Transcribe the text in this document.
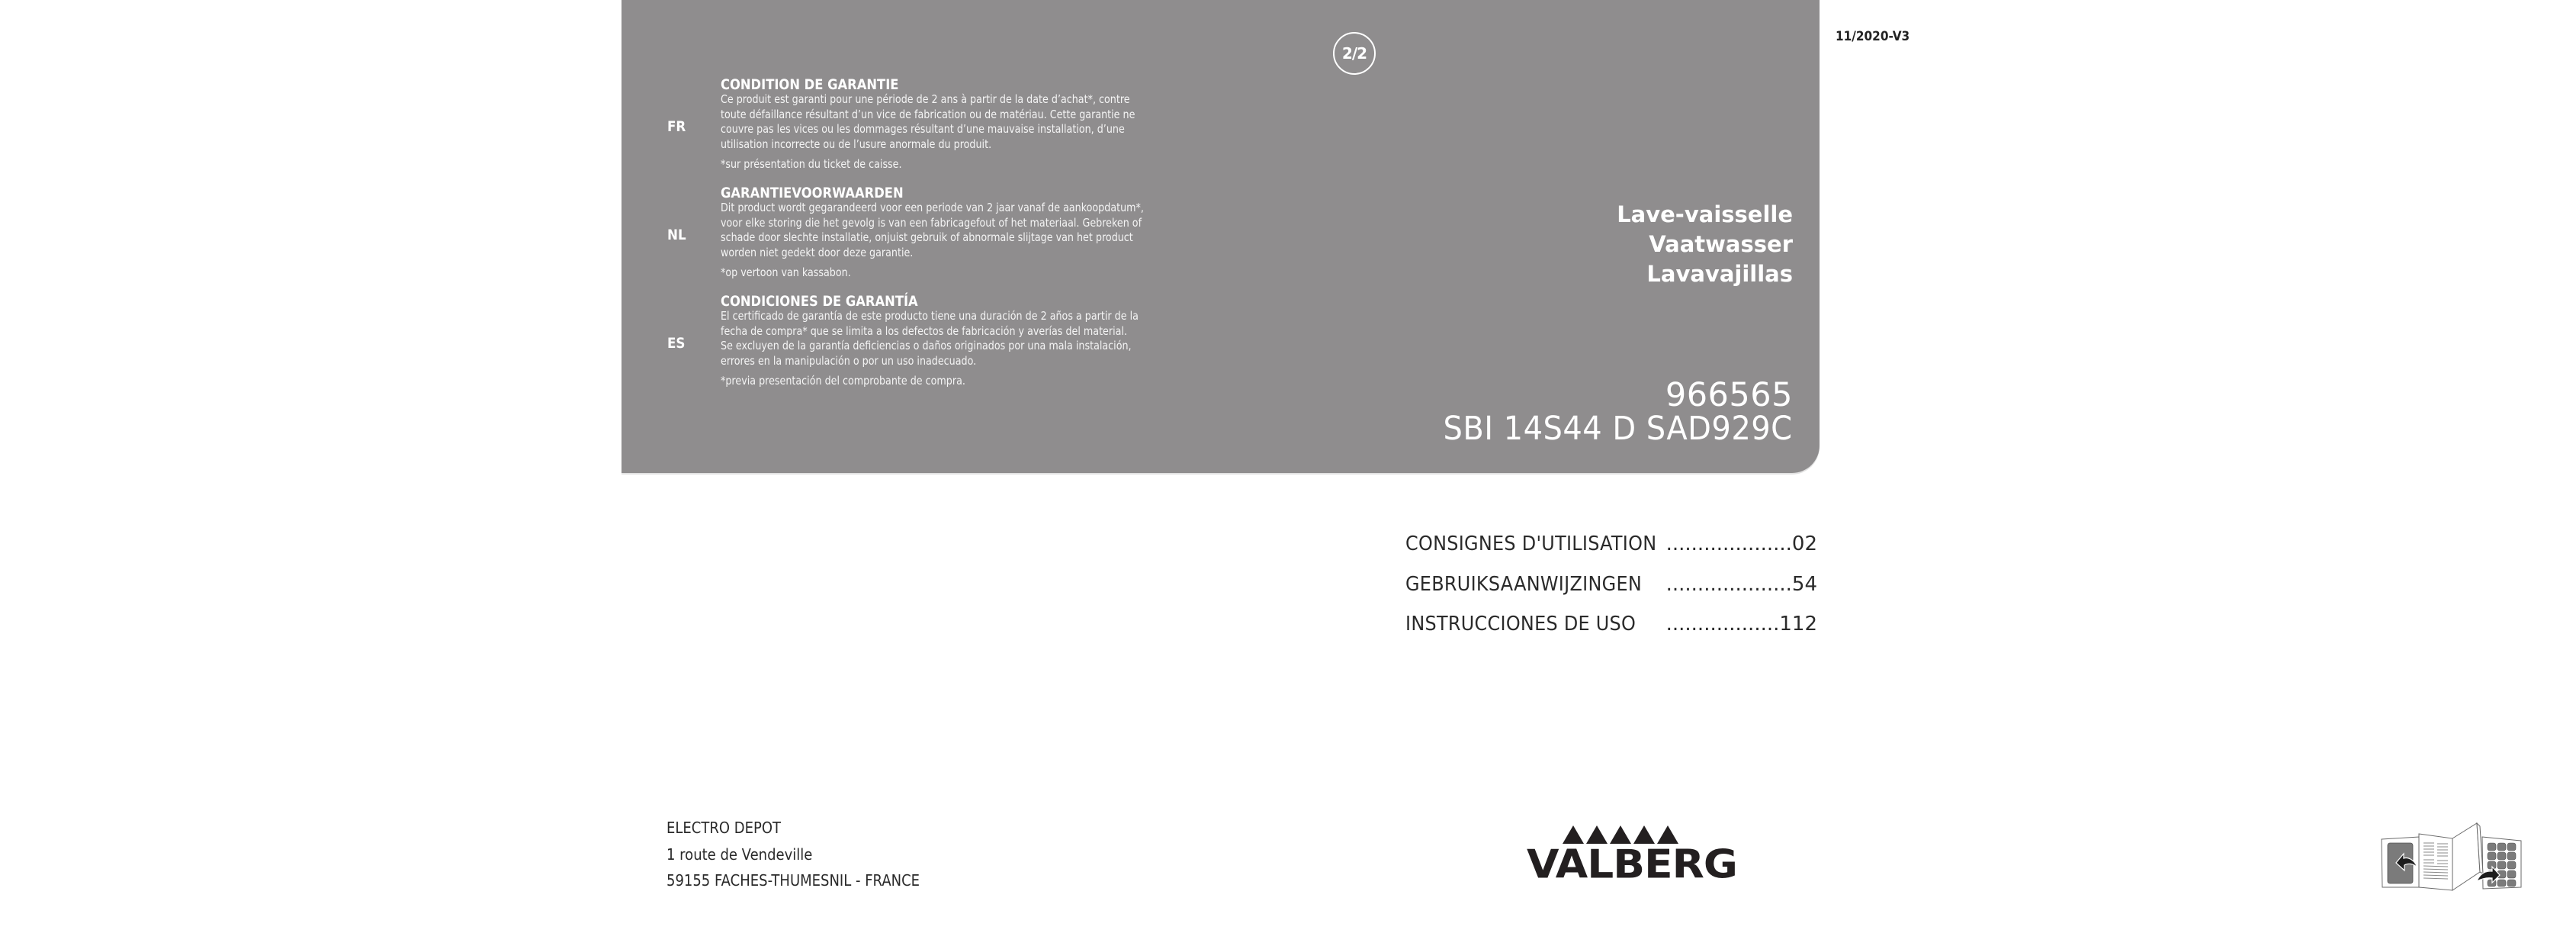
2/2
FR
CONDITION DE GARANTIE
Ce produit est garanti pour une période de 2 ans à partir de la date d’achat*, contre
toute défaillance résultant d’un vice de fabrication ou de matériau. Cette garantie ne
couvre pas les vices ou les dommages résultant d’une mauvaise installation, d’une
utilisation incorrecte ou de l’usure anormale du produit.
*sur présentation du ticket de caisse.
NL
GARANTIEVOORWAARDEN
Dit product wordt gegarandeerd voor een periode van 2 jaar vanaf de aankoopdatum*,
voor elke storing die het gevolg is van een fabricagefout of het materiaal. Gebreken of
schade door slechte installatie, onjuist gebruik of abnormale slijtage van het product
worden niet gedekt door deze garantie.
*op vertoon van kassabon.
ES
CONDICIONES DE GARANTÍA
El certificado de garantía de este producto tiene una duración de 2 años a partir de la
fecha de compra* que se limita a los defectos de fabricación y averías del material.
Se excluyen de la garantía deficiencias o daños originados por una mala instalación,
errores en la manipulación o por un uso inadecuado.
*previa presentación del comprobante de compra.
Lave-vaisselle
Vaatwasser
Lavavajillas
966565
SBI 14S44 D SAD929C
11/2020-V3
CONSIGNES D'UTILISATION ....................02
GEBRUIKSAANWIJZINGEN ....................54
INSTRUCCIONES DE USO ..................112
ELECTRO DEPOT
1 route de Vendeville
59155 FACHES-THUMESNIL - FRANCE	VALBERG
